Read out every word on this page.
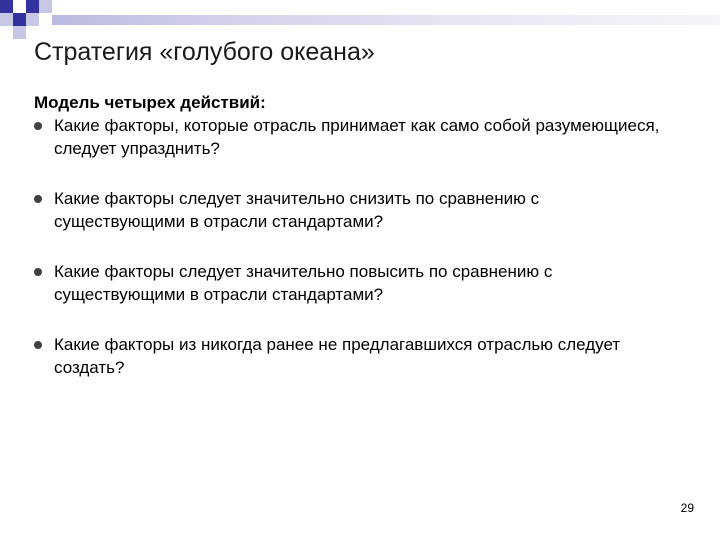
Стратегия «голубого океана»

Модель четырех действий:

Какие факторы, которые отрасль принимает как само собой разумеющиеся, следует упразднить?
Какие факторы следует значительно снизить по сравнению с существующими в отрасли стандартами?
Какие факторы следует значительно повысить по сравнению с существующими в отрасли стандартами?
Какие факторы из никогда ранее не предлагавшихся отраслью следует создать?
29
